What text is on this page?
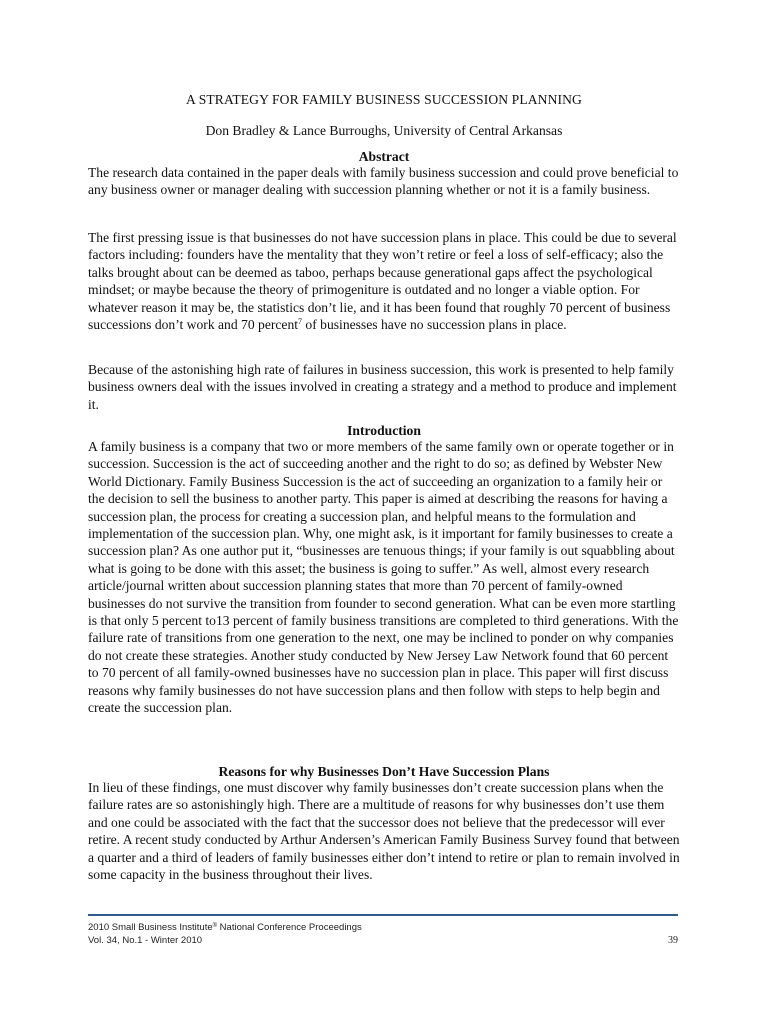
A STRATEGY FOR FAMILY BUSINESS SUCCESSION PLANNING
Don Bradley & Lance Burroughs, University of Central Arkansas
Abstract

The research data contained in the paper deals with family business succession and could prove beneficial to any business owner or manager dealing with succession planning whether or not it is a family business.

The first pressing issue is that businesses do not have succession plans in place. This could be due to several factors including: founders have the mentality that they won’t retire or feel a loss of self-efficacy; also the talks brought about can be deemed as taboo, perhaps because generational gaps affect the psychological mindset; or maybe because the theory of primogeniture is outdated and no longer a viable option. For whatever reason it may be, the statistics don’t lie, and it has been found that roughly 70 percent of business successions don’t work and 70 percent$^7$ of businesses have no succession plans in place.

Because of the astonishing high rate of failures in business succession, this work is presented to help family business owners deal with the issues involved in creating a strategy and a method to produce and implement it.

Introduction

A family business is a company that two or more members of the same family own or operate together or in succession. Succession is the act of succeeding another and the right to do so; as defined by Webster New World Dictionary. Family Business Succession is the act of succeeding an organization to a family heir or the decision to sell the business to another party. This paper is aimed at describing the reasons for having a succession plan, the process for creating a succession plan, and helpful means to the formulation and implementation of the succession plan. Why, one might ask, is it important for family businesses to create a succession plan? As one author put it, “businesses are tenuous things; if your family is out squabbling about what is going to be done with this asset; the business is going to suffer.” As well, almost every research article/journal written about succession planning states that more than 70 percent of family-owned businesses do not survive the transition from founder to second generation. What can be even more startling is that only 5 percent to13 percent of family business transitions are completed to third generations. With the failure rate of transitions from one generation to the next, one may be inclined to ponder on why companies do not create these strategies. Another study conducted by New Jersey Law Network found that 60 percent to 70 percent of all family-owned businesses have no succession plan in place. This paper will first discuss reasons why family businesses do not have succession plans and then follow with steps to help begin and create the succession plan.

Reasons for why Businesses Don’t Have Succession Plans

In lieu of these findings, one must discover why family businesses don’t create succession plans when the failure rates are so astonishingly high. There are a multitude of reasons for why businesses don’t use them and one could be associated with the fact that the successor does not believe that the predecessor will ever retire. A recent study conducted by Arthur Andersen’s American Family Business Survey found that between a quarter and a third of leaders of family businesses either don’t intend to retire or plan to remain involved in some capacity in the business throughout their lives.

2010 Small Business Institute® National Conference Proceedings
Vol. 34, No.1 - Winter 2010	39
